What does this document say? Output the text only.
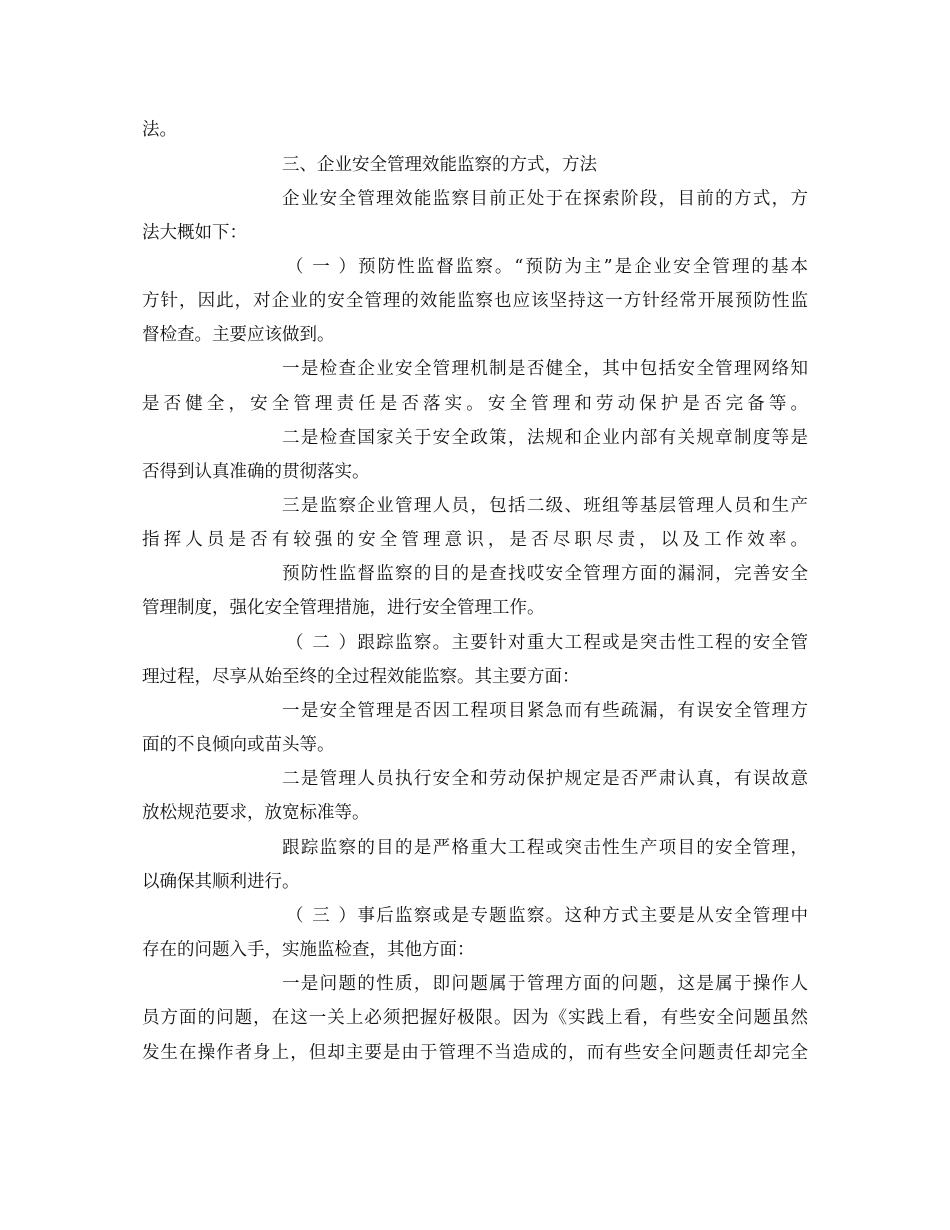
法。

三、企业安全管理效能监察的方式，方法

企业安全管理效能监察目前正处于在探索阶段，目前的方式，方

法大概如下：

（一）预防性监督监察。“预防为主”是企业安全管理的基本

方针，因此，对企业的安全管理的效能监察也应该坚持这一方针经常开展预防性监

督检查。主要应该做到。

一是检查企业安全管理机制是否健全，其中包括安全管理网络知

是否健全，安全管理责任是否落实。安全管理和劳动保护是否完备等。

二是检查国家关于安全政策，法规和企业内部有关规章制度等是

否得到认真准确的贯彻落实。

三是监察企业管理人员，包括二级、班组等基层管理人员和生产

指挥人员是否有较强的安全管理意识，是否尽职尽责，以及工作效率。

预防性监督监察的目的是查找哎安全管理方面的漏洞，完善安全

管理制度，强化安全管理措施，进行安全管理工作。

（二）跟踪监察。主要针对重大工程或是突击性工程的安全管

理过程，尽享从始至终的全过程效能监察。其主要方面：

一是安全管理是否因工程项目紧急而有些疏漏，有误安全管理方

面的不良倾向或苗头等。

二是管理人员执行安全和劳动保护规定是否严肃认真，有误故意

放松规范要求，放宽标准等。

跟踪监察的目的是严格重大工程或突击性生产项目的安全管理，

以确保其顺利进行。

（三）事后监察或是专题监察。这种方式主要是从安全管理中

存在的问题入手，实施监检查，其他方面：

一是问题的性质，即问题属于管理方面的问题，这是属于操作人

员方面的问题，在这一关上必须把握好极限。因为《实践上看，有些安全问题虽然

发生在操作者身上，但却主要是由于管理不当造成的，而有些安全问题责任却完全
